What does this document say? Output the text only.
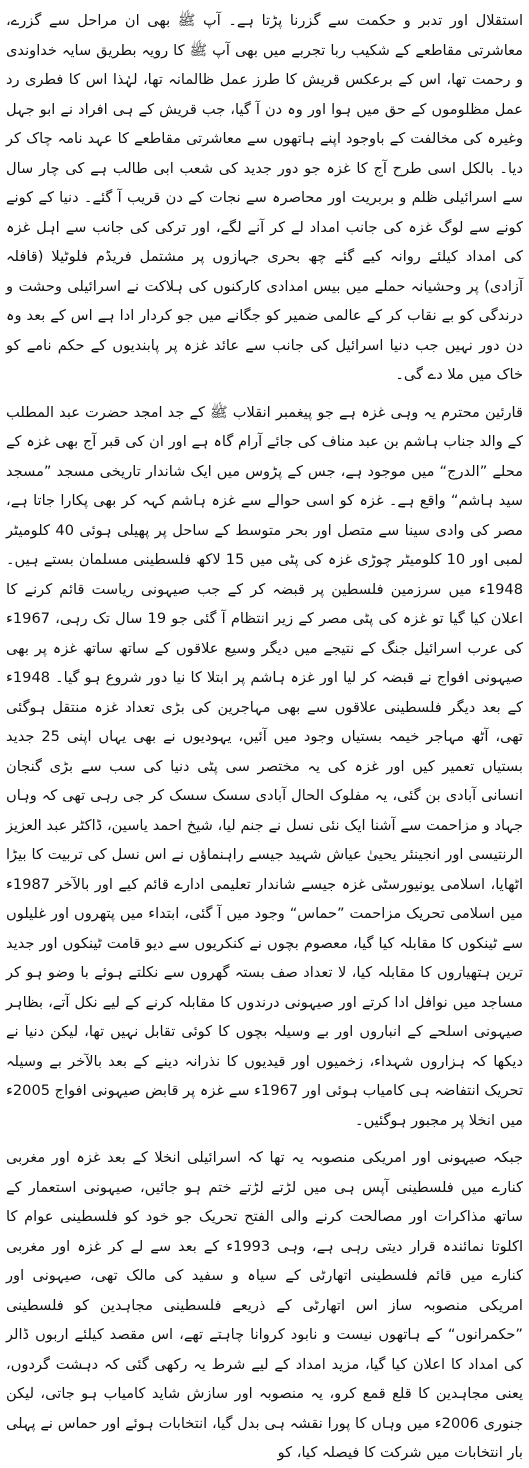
استقلال اور تدبر و حکمت سے گزرنا پڑتا ہے۔ آپ ﷺ بھی ان مراحل سے گزرے، معاشرتی مقاطعے کے شکیب ربا تجربے میں بھی آپ ﷺ کا رویہ بطریق سایہ خداوندی و رحمت تھا، اس کے برعکس قریش کا طرز عمل ظالمانہ تھا، لہٰذا اس کا فطری رد عمل مظلوموں کے حق میں ہوا اور وہ دن آ گیا، جب قریش کے ہی افراد نے ابو جہل وغیرہ کی مخالفت کے باوجود اپنے ہاتھوں سے معاشرتی مقاطعے کا عہد نامہ چاک کر دیا۔ بالکل اسی طرح آج کا غزہ جو دور جدید کی شعب ابی طالب ہے کی چار سال سے اسرائیلی ظلم و بربریت اور محاصرہ سے نجات کے دن قریب آ گئے۔ دنیا کے کونے کونے سے لوگ غزہ کی جانب امداد لے کر آنے لگے، اور ترکی کی جانب سے اہل غزہ کی امداد کیلئے روانہ کیے گئے چھ بحری جہازوں پر مشتمل فریڈم فلوٹیلا (قافلہ آزادی) پر وحشیانہ حملے میں بیس امدادی کارکنوں کی ہلاکت نے اسرائیلی وحشت و درندگی کو بے نقاب کر کے عالمی ضمیر کو جگانے میں جو کردار ادا ہے اس کے بعد وہ دن دور نہیں جب دنیا اسرائیل کی جانب سے عائد غزہ پر پابندیوں کے حکم نامے کو خاک میں ملا دے گی۔

قارئین محترم یہ وہی غزہ ہے جو پیغمبر انقلاب ﷺ کے جد امجد حضرت عبد المطلب کے والد جناب ہاشم بن عبد مناف کی جائے آرام گاہ ہے اور ان کی قبر آج بھی غزہ کے محلے ”الدرج“ میں موجود ہے، جس کے پڑوس میں ایک شاندار تاریخی مسجد ”مسجد سید ہاشم“ واقع ہے۔ غزہ کو اسی حوالے سے غزہ ہاشم کہہ کر بھی پکارا جاتا ہے، مصر کی وادی سینا سے متصل اور بحر متوسط کے ساحل پر پھیلی ہوئی 40 کلومیٹر لمبی اور 10 کلومیٹر چوڑی غزہ کی پٹی میں 15 لاکھ فلسطینی مسلمان بستے ہیں۔ 1948ء میں سرزمین فلسطین پر قبضہ کر کے جب صیہونی ریاست قائم کرنے کا اعلان کیا گیا تو غزہ کی پٹی مصر کے زیر انتظام آ گئی جو 19 سال تک رہی، 1967ء کی عرب اسرائیل جنگ کے نتیجے میں دیگر وسیع علاقوں کے ساتھ ساتھ غزہ پر بھی صیہونی افواج نے قبضہ کر لیا اور غزہ ہاشم پر ابتلا کا نیا دور شروع ہو گیا۔ 1948ء کے بعد دیگر فلسطینی علاقوں سے بھی مہاجرین کی بڑی تعداد غزہ منتقل ہوگئی تھی، آٹھ مہاجر خیمہ بستیاں وجود میں آئیں، یہودیوں نے بھی یہاں اپنی 25 جدید بستیاں تعمیر کیں اور غزہ کی یہ مختصر سی پٹی دنیا کی سب سے بڑی گنجان انسانی آبادی بن گئی، یہ مفلوک الحال آبادی سسک سسک کر جی رہی تھی کہ وہاں جہاد و مزاحمت سے آشنا ایک نئی نسل نے جنم لیا، شیخ احمد یاسین، ڈاکٹر عبد العزیز الرنتیسی اور انجینئر یحییٰ عیاش شہید جیسے راہنماؤں نے اس نسل کی تربیت کا بیڑا اٹھایا، اسلامی یونیورسٹی غزہ جیسے شاندار تعلیمی ادارے قائم کیے اور بالآخر 1987ء میں اسلامی تحریک مزاحمت ”حماس“ وجود میں آ گئی، ابتداء میں پتھروں اور غلیلوں سے ٹینکوں کا مقابلہ کیا گیا، معصوم بچوں نے کنکریوں سے دیو قامت ٹینکوں اور جدید ترین ہتھیاروں کا مقابلہ کیا، لا تعداد صف بستہ گھروں سے نکلتے ہوئے با وضو ہو کر مساجد میں نوافل ادا کرتے اور صیہونی درندوں کا مقابلہ کرنے کے لیے نکل آتے، بظاہر صیہونی اسلحے کے انباروں اور بے وسیلہ بچوں کا کوئی تقابل نہیں تھا، لیکن دنیا نے دیکھا کہ ہزاروں شہداء، زخمیوں اور قیدیوں کا نذرانہ دینے کے بعد بالآخر بے وسیلہ تحریک انتفاضہ ہی کامیاب ہوئی اور 1967ء سے غزہ پر قابض صیہونی افواج 2005ء میں انخلا پر مجبور ہوگئیں۔

جبکہ صیہونی اور امریکی منصوبہ یہ تھا کہ اسرائیلی انخلا کے بعد غزہ اور مغربی کنارے میں فلسطینی آپس ہی میں لڑتے لڑتے ختم ہو جائیں، صیہونی استعمار کے ساتھ مذاکرات اور مصالحت کرنے والی الفتح تحریک جو خود کو فلسطینی عوام کا اکلوتا نمائندہ قرار دیتی رہی ہے، وہی 1993ء کے بعد سے لے کر غزہ اور مغربی کنارے میں قائم فلسطینی اتھارٹی کے سیاہ و سفید کی مالک تھی، صیہونی اور امریکی منصوبہ ساز اس اتھارٹی کے ذریعے فلسطینی مجاہدین کو فلسطینی ”حکمرانوں“ کے ہاتھوں نیست و نابود کروانا چاہتے تھے، اس مقصد کیلئے اربوں ڈالر کی امداد کا اعلان کیا گیا، مزید امداد کے لیے شرط یہ رکھی گئی کہ دہشت گردوں، یعنی مجاہدین کا قلع قمع کرو، یہ منصوبہ اور سازش شاید کامیاب ہو جاتی، لیکن جنوری 2006ء میں وہاں کا پورا نقشہ ہی بدل گیا، انتخابات ہوئے اور حماس نے پہلی بار انتخابات میں شرکت کا فیصلہ کیا، کو
